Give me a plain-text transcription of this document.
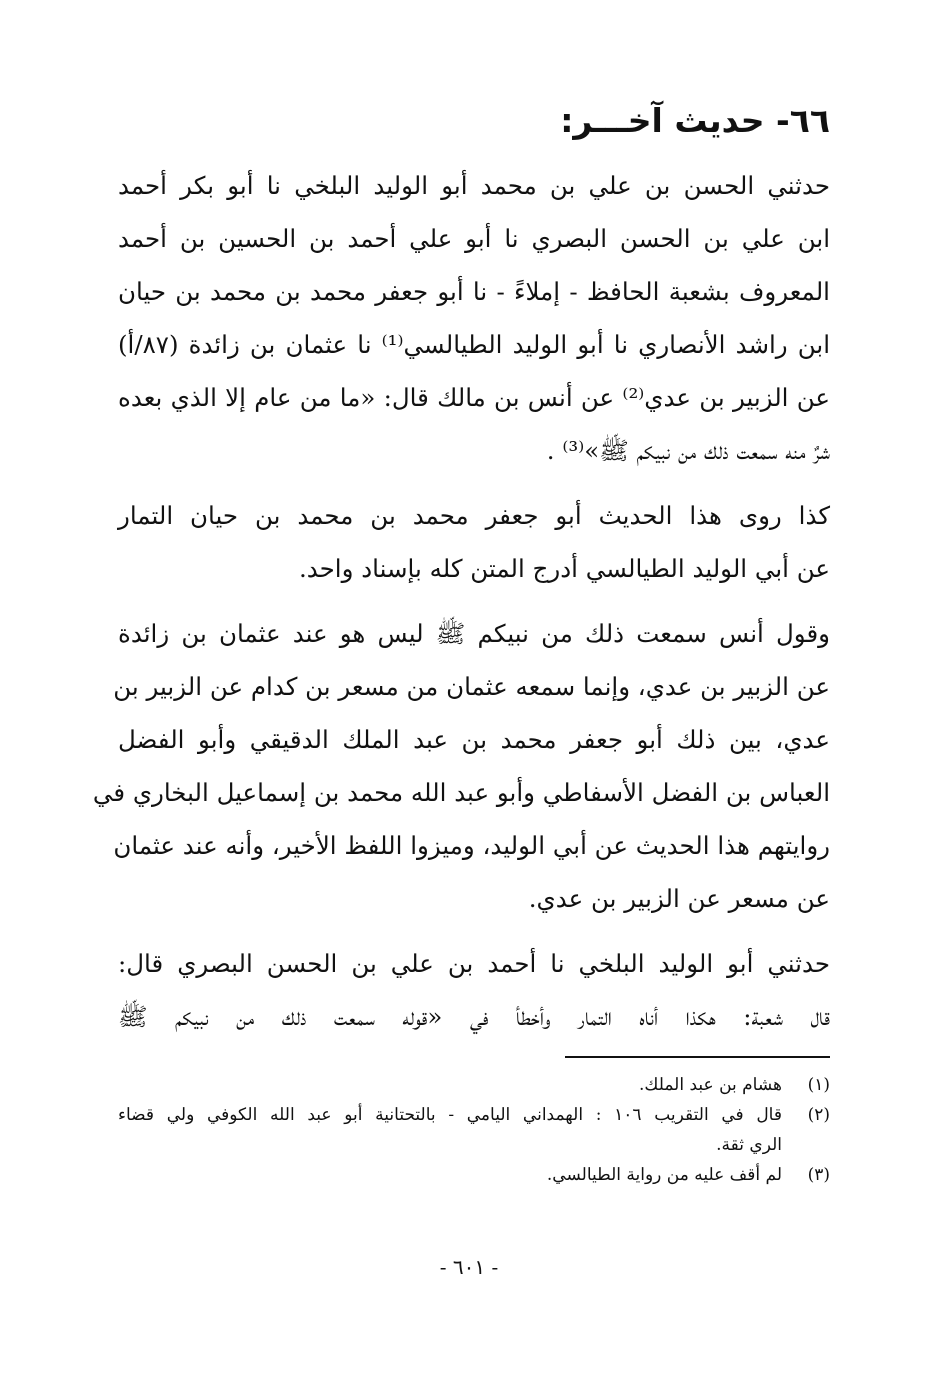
٦٦- حديث آخـــر:
حدثني الحسن بن علي بن محمد أبو الوليد البلخي نا أبو بكر أحمد
ابن علي بن الحسن البصري نا أبو علي أحمد بن الحسين بن أحمد
المعروف بشعبة الحافظ - إملاءً - نا أبو جعفر محمد بن محمد بن حيان
ابن راشد الأنصاري نا أبو الوليد الطيالسي⁽¹⁾ نا عثمان بن زائدة (٨٧/أ)
عن الزبير بن عدي⁽²⁾ عن أنس بن مالك قال: «ما من عام إلا الذي بعده
شرٌ منه سمعت ذلك من نبيكم ﷺ»⁽³⁾ .
كذا روى هذا الحديث أبو جعفر محمد بن محمد بن حيان التمار
عن أبي الوليد الطيالسي أدرج المتن كله بإسناد واحد.
وقول أنس سمعت ذلك من نبيكم ﷺ ليس هو عند عثمان بن زائدة
عن الزبير بن عدي، وإنما سمعه عثمان من مسعر بن كدام عن الزبير بن
عدي، بين ذلك أبو جعفر محمد بن عبد الملك الدقيقي وأبو الفضل
العباس بن الفضل الأسفاطي وأبو عبد الله محمد بن إسماعيل البخاري في
روايتهم هذا الحديث عن أبي الوليد، وميزوا اللفظ الأخير، وأنه عند عثمان
عن مسعر عن الزبير بن عدي.
حدثني أبو الوليد البلخي نا أحمد بن علي بن الحسن البصري قال:
قال شعبة: هكذا أناه التمار وأخطأ في «قوله سمعت ذلك من نبيكم ﷺ
(١)
هشام بن عبد الملك.
(٢)
قال في التقريب ١٠٦ : الهمداني اليامي - بالتحتانية أبو عبد الله الكوفي ولي قضاء
الري ثقة.
(٣)
لم أقف عليه من رواية الطيالسي.
- ٦٠١ -
